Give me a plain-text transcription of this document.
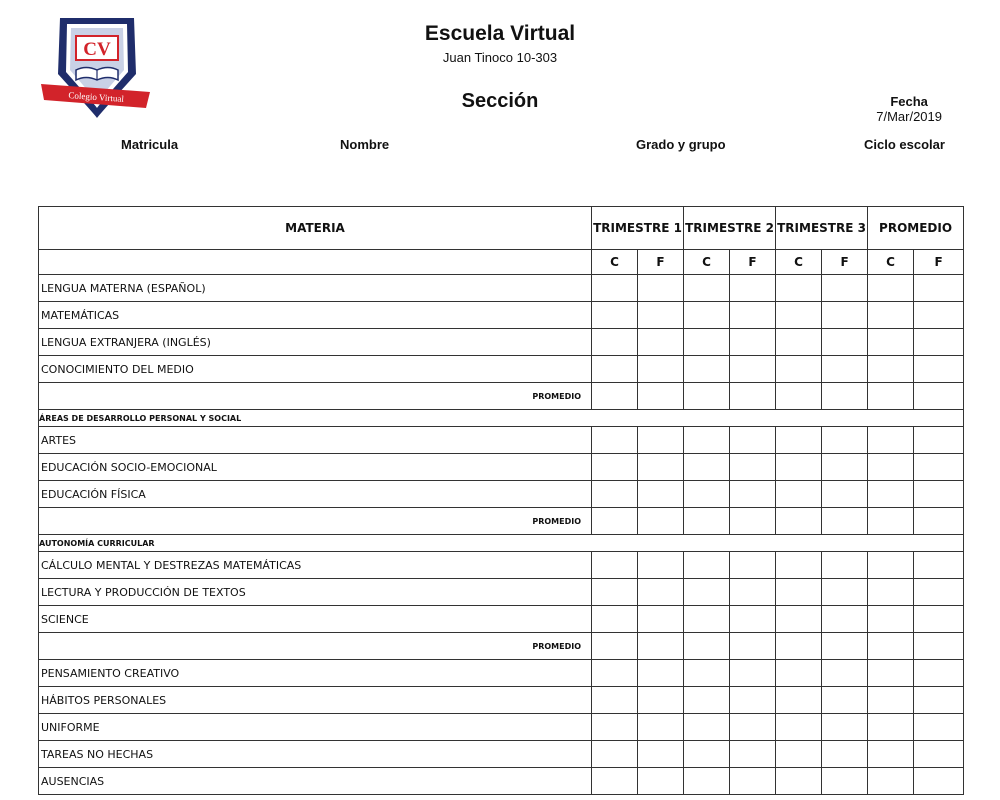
CV
Colegio Virtual
Escuela Virtual
Juan Tinoco 10-303
Sección	Fecha
7/Mar/2019
Matricula	Nombre	Grado y grupo	Ciclo escolar
MATERIA	TRIMESTRE 1		TRIMESTRE 2		TRIMESTRE 3		PROMEDIO	
	C	F	C	F	C	F	C	F
LENGUA MATERNA (ESPAÑOL)								
MATEMÁTICAS								
LENGUA EXTRANJERA (INGLÉS)								
CONOCIMIENTO DEL MEDIO								
PROMEDIO								
ÁREAS DE DESARROLLO PERSONAL Y SOCIAL								
ARTES								
EDUCACIÓN SOCIO-EMOCIONAL								
EDUCACIÓN FÍSICA								
PROMEDIO								
AUTONOMÍA CURRICULAR								
CÁLCULO MENTAL Y DESTREZAS MATEMÁTICAS								
LECTURA Y PRODUCCIÓN DE TEXTOS								
SCIENCE								
PROMEDIO								
PENSAMIENTO CREATIVO								
HÁBITOS PERSONALES								
UNIFORME								
TAREAS NO HECHAS								
AUSENCIAS								
